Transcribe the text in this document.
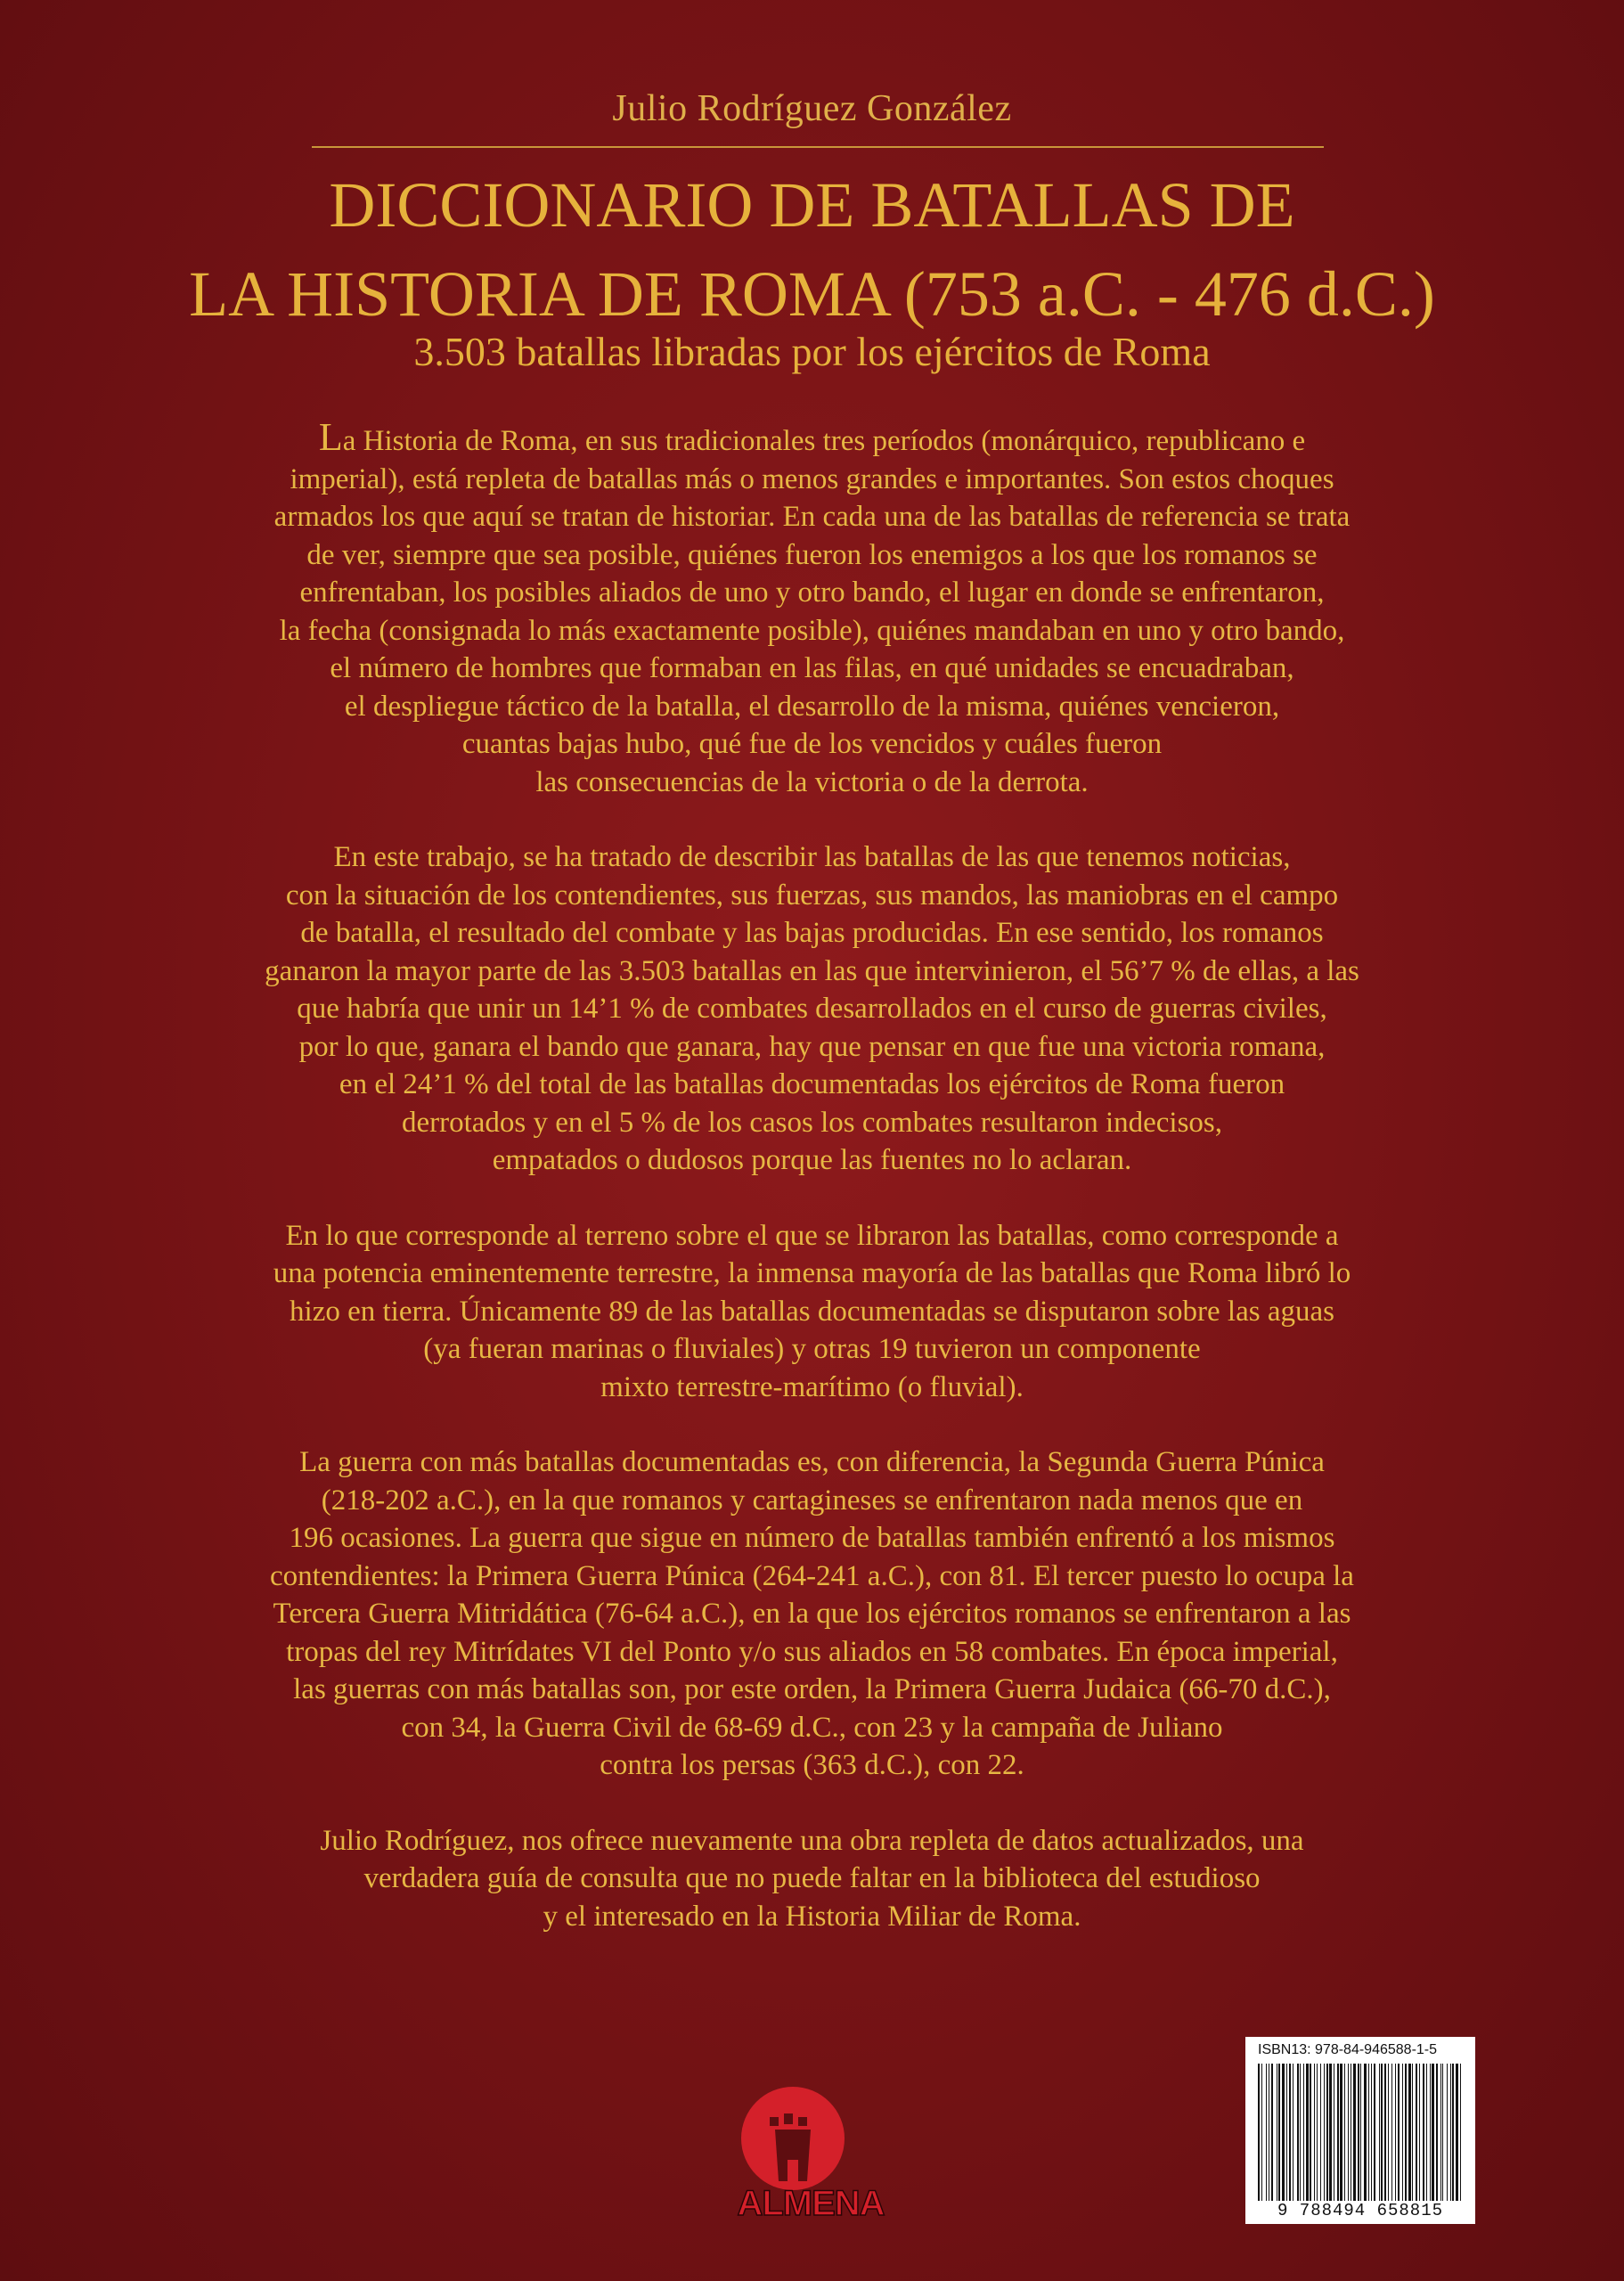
Julio Rodríguez González
DICCIONARIO DE BATALLAS DE
LA HISTORIA DE ROMA (753 a.C. - 476 d.C.)
3.503 batallas libradas por los ejércitos de Roma
La Historia de Roma, en sus tradicionales tres períodos (monárquico, republicano e
imperial), está repleta de batallas más o menos grandes e importantes. Son estos choques
armados los que aquí se tratan de historiar. En cada una de las batallas de referencia se trata
de ver, siempre que sea posible, quiénes fueron los enemigos a los que los romanos se
enfrentaban, los posibles aliados de uno y otro bando, el lugar en donde se enfrentaron,
la fecha (consignada lo más exactamente posible), quiénes mandaban en uno y otro bando,
el número de hombres que formaban en las filas, en qué unidades se encuadraban,
el despliegue táctico de la batalla, el desarrollo de la misma, quiénes vencieron,
cuantas bajas hubo, qué fue de los vencidos y cuáles fueron
las consecuencias de la victoria o de la derrota.
En este trabajo, se ha tratado de describir las batallas de las que tenemos noticias,
con la situación de los contendientes, sus fuerzas, sus mandos, las maniobras en el campo
de batalla, el resultado del combate y las bajas producidas. En ese sentido, los romanos
ganaron la mayor parte de las 3.503 batallas en las que intervinieron, el 56’7 % de ellas, a las
que habría que unir un 14’1 % de combates desarrollados en el curso de guerras civiles,
por lo que, ganara el bando que ganara, hay que pensar en que fue una victoria romana,
en el 24’1 % del total de las batallas documentadas los ejércitos de Roma fueron
derrotados y en el 5 % de los casos los combates resultaron indecisos,
empatados o dudosos porque las fuentes no lo aclaran.
En lo que corresponde al terreno sobre el que se libraron las batallas, como corresponde a
una potencia eminentemente terrestre, la inmensa mayoría de las batallas que Roma libró lo
hizo en tierra. Únicamente 89 de las batallas documentadas se disputaron sobre las aguas
(ya fueran marinas o fluviales) y otras 19 tuvieron un componente
mixto terrestre-marítimo (o fluvial).
La guerra con más batallas documentadas es, con diferencia, la Segunda Guerra Púnica
(218-202 a.C.), en la que romanos y cartagineses se enfrentaron nada menos que en
196 ocasiones. La guerra que sigue en número de batallas también enfrentó a los mismos
contendientes: la Primera Guerra Púnica (264-241 a.C.), con 81. El tercer puesto lo ocupa la
Tercera Guerra Mitridática (76-64 a.C.), en la que los ejércitos romanos se enfrentaron a las
tropas del rey Mitrídates VI del Ponto y/o sus aliados en 58 combates. En época imperial,
las guerras con más batallas son, por este orden, la Primera Guerra Judaica (66-70 d.C.),
con 34, la Guerra Civil de 68-69 d.C., con 23 y la campaña de Juliano
contra los persas (363 d.C.), con 22.
Julio Rodríguez, nos ofrece nuevamente una obra repleta de datos actualizados, una
verdadera guía de consulta que no puede faltar en la biblioteca del estudioso
y el interesado en la Historia Miliar de Roma.
ALMENA
ISBN13: 978-84-946588-1-5
9 788494 658815
